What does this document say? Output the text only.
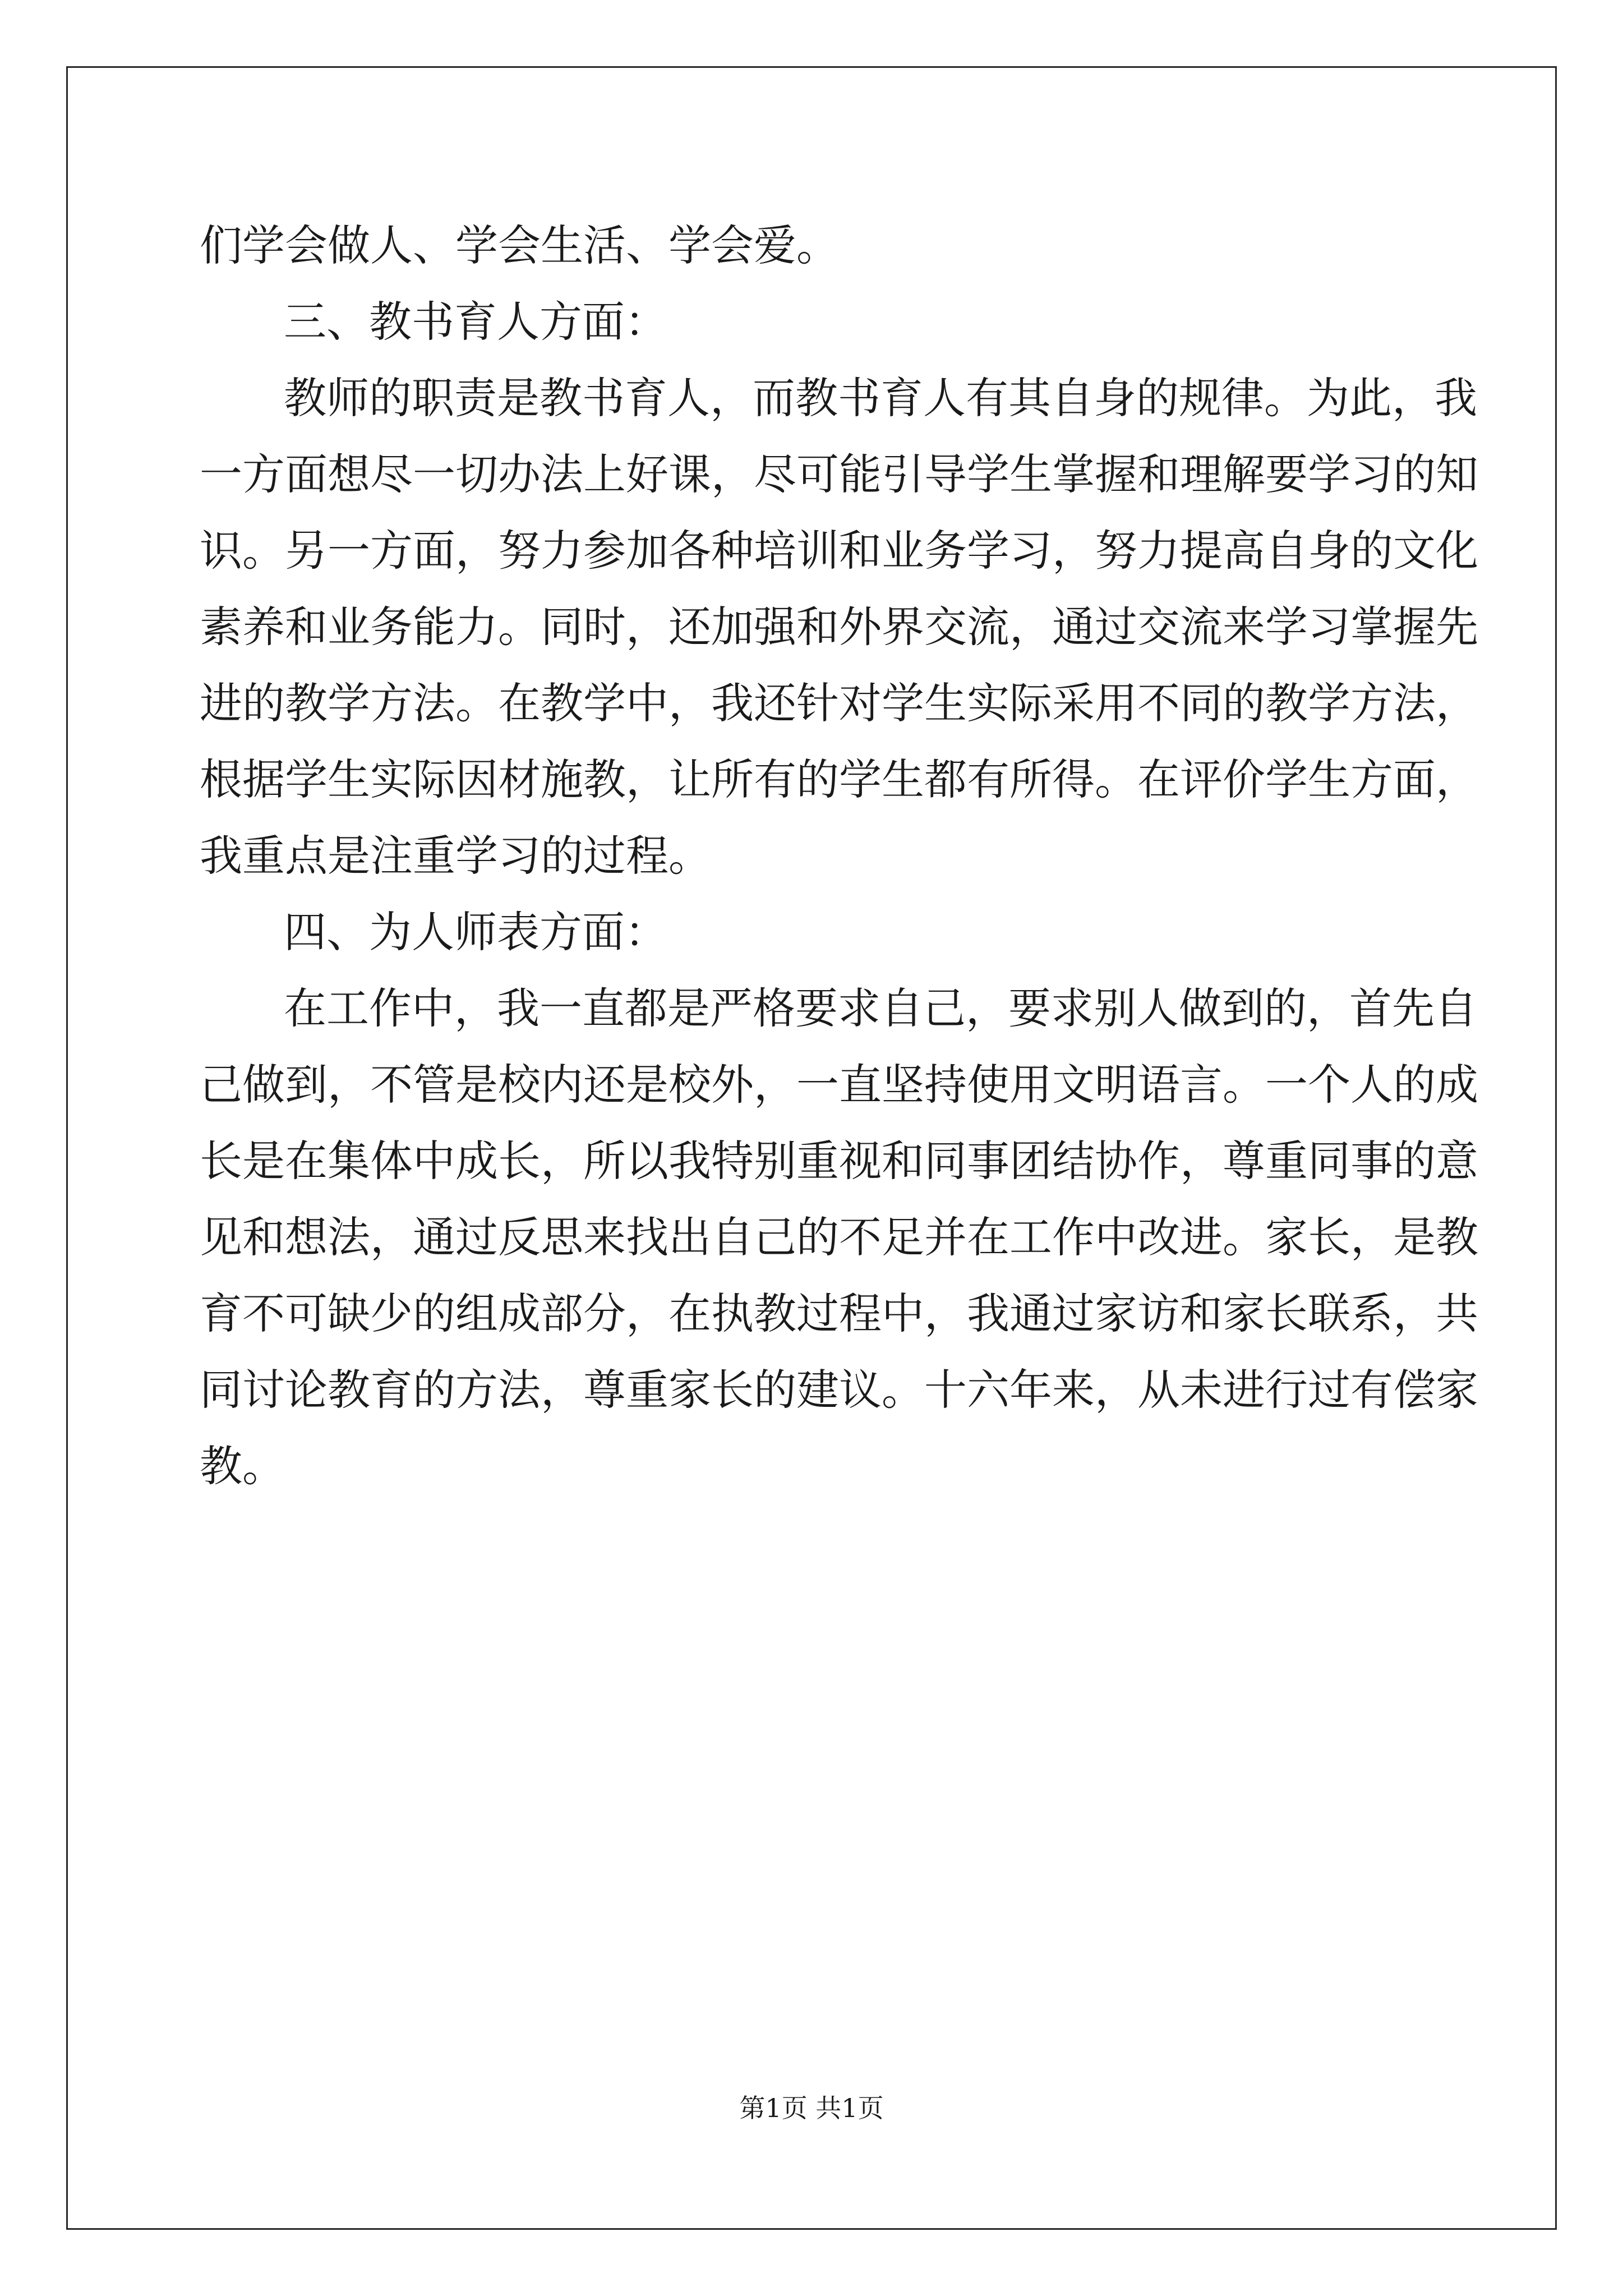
们学会做人、学会生活、学会爱。
三、教书育人方面：
教师的职责是教书育人，而教书育人有其自身的规律。为此，我
一方面想尽一切办法上好课，尽可能引导学生掌握和理解要学习的知
识。另一方面，努力参加各种培训和业务学习，努力提高自身的文化
素养和业务能力。同时，还加强和外界交流，通过交流来学习掌握先
进的教学方法。在教学中，我还针对学生实际采用不同的教学方法，
根据学生实际因材施教，让所有的学生都有所得。在评价学生方面，
我重点是注重学习的过程。
四、为人师表方面：
在工作中，我一直都是严格要求自己，要求别人做到的，首先自
己做到，不管是校内还是校外，一直坚持使用文明语言。一个人的成
长是在集体中成长，所以我特别重视和同事团结协作，尊重同事的意
见和想法，通过反思来找出自己的不足并在工作中改进。家长，是教
育不可缺少的组成部分，在执教过程中，我通过家访和家长联系，共
同讨论教育的方法，尊重家长的建议。十六年来，从未进行过有偿家
教。
第1页 共1页
